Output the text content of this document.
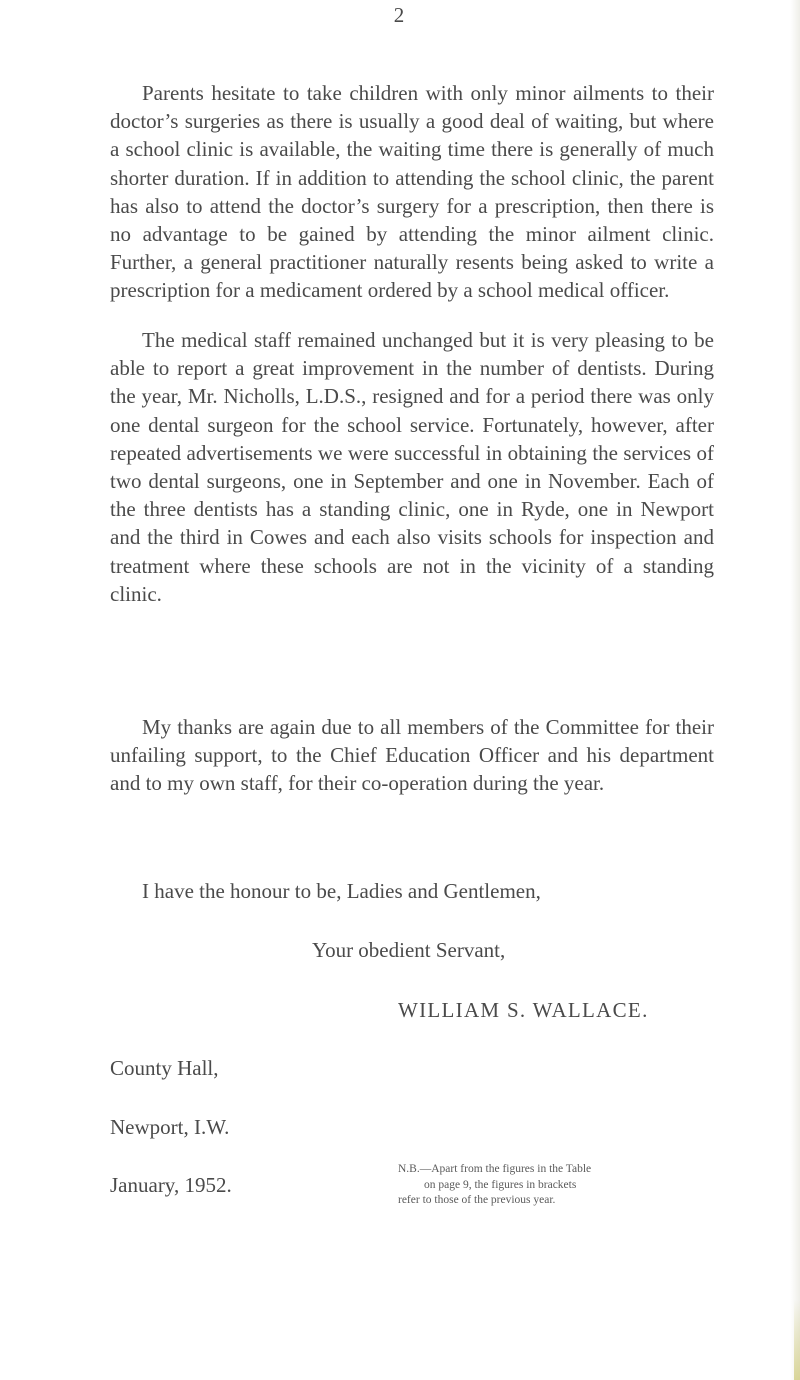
2

Parents hesitate to take children with only minor ailments to their doctor’s surgeries as there is usually a good deal of waiting, but where a school clinic is available, the waiting time there is generally of much shorter duration. If in addition to attending the school clinic, the parent has also to attend the doctor’s surgery for a prescription, then there is no advantage to be gained by attending the minor ailment clinic. Further, a general practitioner naturally resents being asked to write a prescription for a medicament ordered by a school medical officer.

The medical staff remained unchanged but it is very pleasing to be able to report a great improvement in the number of dentists. During the year, Mr. Nicholls, L.D.S., resigned and for a period there was only one dental surgeon for the school service. Fortunately, however, after repeated advertisements we were successful in obtaining the services of two dental surgeons, one in September and one in November. Each of the three dentists has a standing clinic, one in Ryde, one in Newport and the third in Cowes and each also visits schools for inspection and treatment where these schools are not in the vicinity of a standing clinic.

My thanks are again due to all members of the Committee for their unfailing support, to the Chief Education Officer and his department and to my own staff, for their co-operation during the year.

I have the honour to be, Ladies and Gentlemen,
Your obedient Servant,
WILLIAM S. WALLACE.
County Hall,
Newport, I.W.
January, 1952.
N.B.—Apart from the figures in the Table
on page 9, the figures in brackets
refer to those of the previous year.
